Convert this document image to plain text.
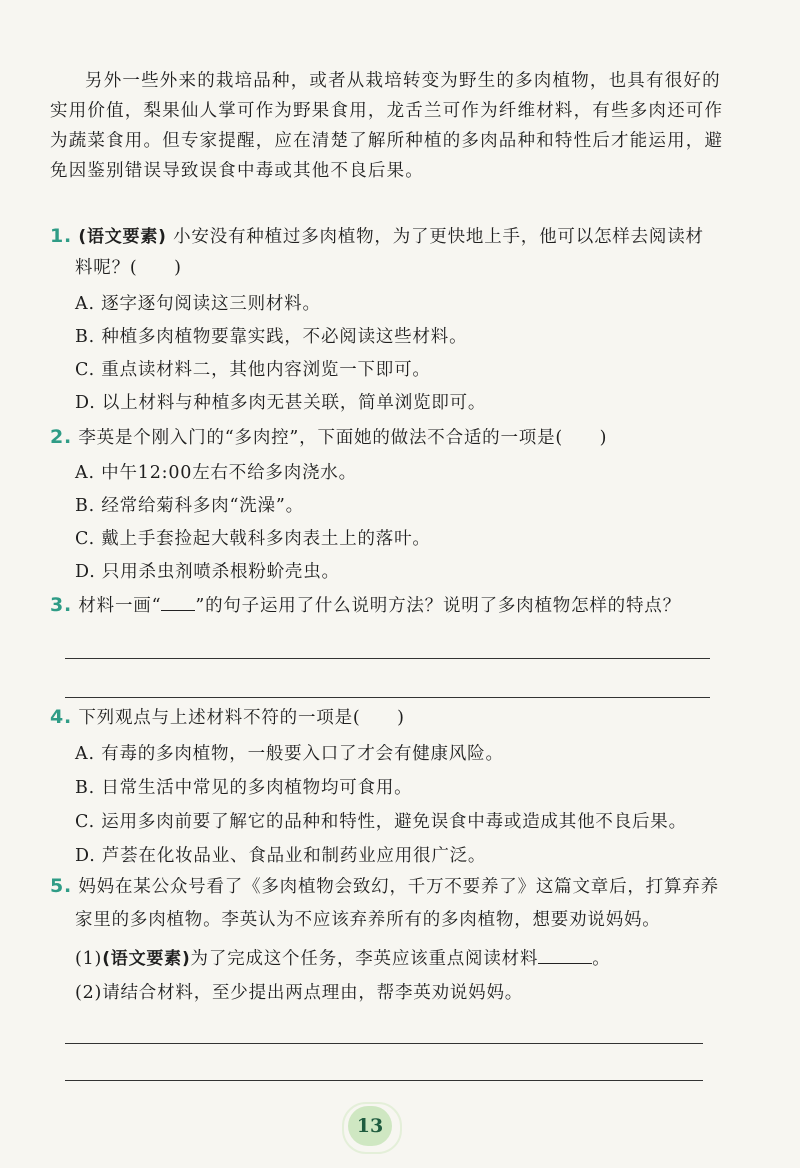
另外一些外来的栽培品种，或者从栽培转变为野生的多肉植物，也具有很好的
实用价值，梨果仙人掌可作为野果食用，龙舌兰可作为纤维材料，有些多肉还可作
为蔬菜食用。但专家提醒，应在清楚了解所种植的多肉品种和特性后才能运用，避
免因鉴别错误导致误食中毒或其他不良后果。
1. (语文要素) 小安没有种植过多肉植物，为了更快地上手，他可以怎样去阅读材
料呢？(　　)
A. 逐字逐句阅读这三则材料。
B. 种植多肉植物要靠实践，不必阅读这些材料。
C. 重点读材料二，其他内容浏览一下即可。
D. 以上材料与种植多肉无甚关联，简单浏览即可。
2. 李英是个刚入门的“多肉控”，下面她的做法不合适的一项是(　　)
A. 中午12:00左右不给多肉浇水。
B. 经常给菊科多肉“洗澡”。
C. 戴上手套捡起大戟科多肉表土上的落叶。
D. 只用杀虫剂喷杀根粉蚧壳虫。
3. 材料一画“ ”的句子运用了什么说明方法？说明了多肉植物怎样的特点？
4. 下列观点与上述材料不符的一项是(　　)
A. 有毒的多肉植物，一般要入口了才会有健康风险。
B. 日常生活中常见的多肉植物均可食用。
C. 运用多肉前要了解它的品种和特性，避免误食中毒或造成其他不良后果。
D. 芦荟在化妆品业、食品业和制药业应用很广泛。
5. 妈妈在某公众号看了《多肉植物会致幻，千万不要养了》这篇文章后，打算弃养
家里的多肉植物。李英认为不应该弃养所有的多肉植物，想要劝说妈妈。
(1)(语文要素)为了完成这个任务，李英应该重点阅读材料	。
(2)请结合材料，至少提出两点理由，帮李英劝说妈妈。
13
